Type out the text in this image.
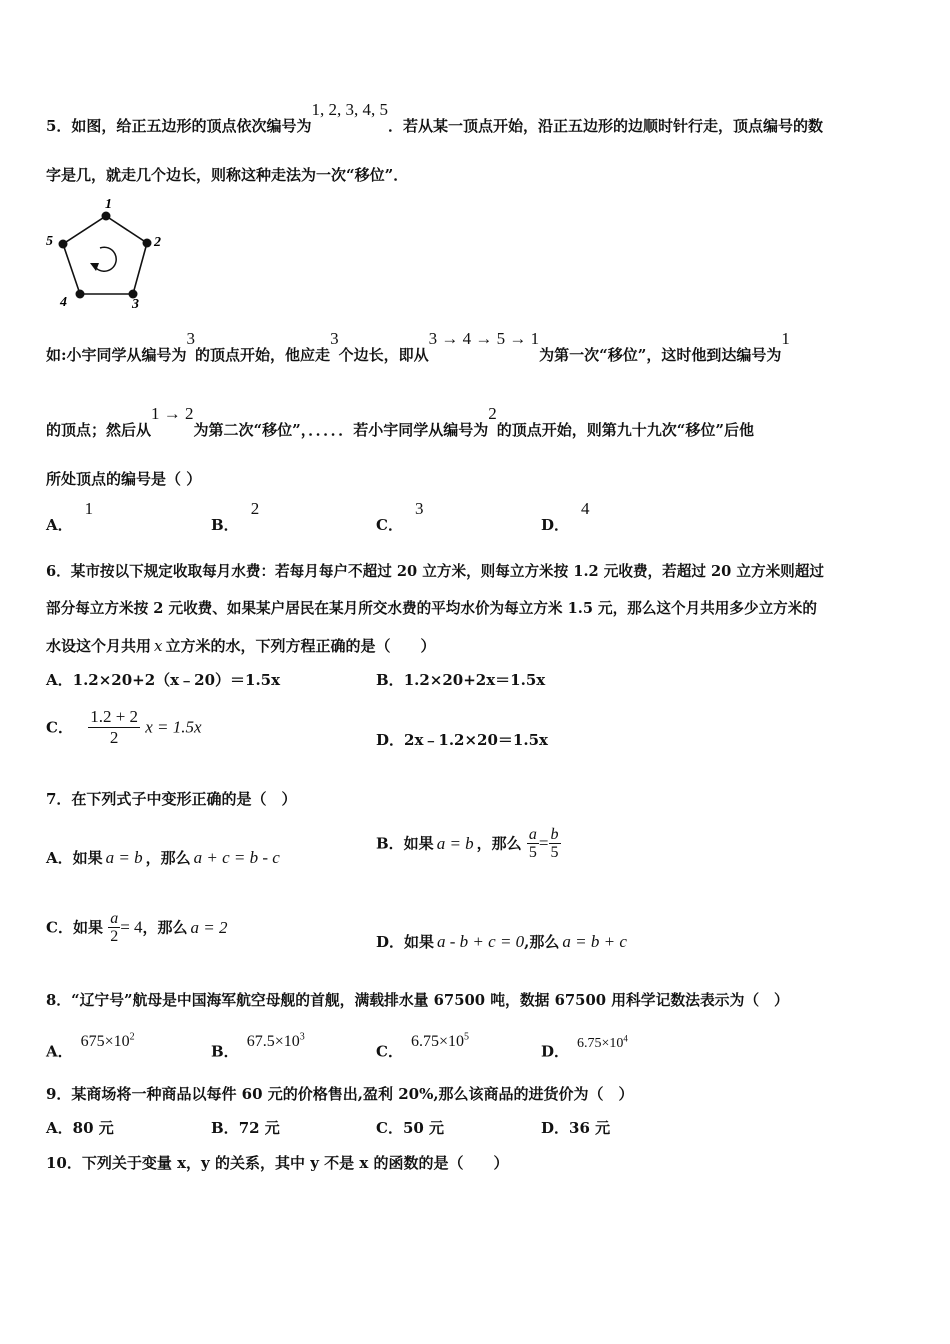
5．如图，给正五边形的顶点依次编号为1, 2, 3, 4, 5．若从某一顶点开始，沿正五边形的边顺时针行走，顶点编号的数
字是几，就走几个边长，则称这种走法为一次“移位”．
1
2
3
4
5
如:小宇同学从编号为3的顶点开始，他应走3个边长，即从3 → 4 → 5 → 1为第一次“移位”，这时他到达编号为1
的顶点；然后从1 → 2为第二次“移位”，．．．．．若小宇同学从编号为2的顶点开始，则第九十九次“移位”后他
所处顶点的编号是（ ）
A．1
B．2
C．3
D．4
6．某市按以下规定收取每月水费：若每月每户不超过 20 立方米，则每立方米按 1.2 元收费，若超过 20 立方米则超过
部分每立方米按 2 元收费、如果某户居民在某月所交水费的平均水价为每立方米 1.5 元，那么这个月共用多少立方米的
水设这个月共用 x 立方米的水，下列方程正确的是（　　）
A．1.2×20+2（x﹣20）＝1.5x	B．1.2×20+2x＝1.5x
C． $\frac{1.2 + 2}{2}$ x = 1.5x
D．2x﹣1.2×20＝1.5x
7．在下列式子中变形正确的是（　）
A．如果 a = b ，那么 a + c = b - c
B．如果 a = b ，那么 $\frac{a}{5} = \frac{b}{5}$
C．如果 $\frac{a}{2} = 4$，那么 a = 2
D．如果 a - b + c = 0,那么 a = b + c
8．“辽宁号”航母是中国海军航空母舰的首舰，满载排水量 67500 吨，数据 67500 用科学记数法表示为（　）
A．$675\times 10^2$
B．$67.5\times 10^3$
C．$6.75\times 10^5$
D． $6.75\times 10^4$
9．某商场将一种商品以每件 60 元的价格售出,盈利 20%,那么该商品的进货价为（　）
A．80 元	B．72 元	C．50 元	D．36 元
10．下列关于变量 x，y 的关系，其中 y 不是 x 的函数的是（　　）
